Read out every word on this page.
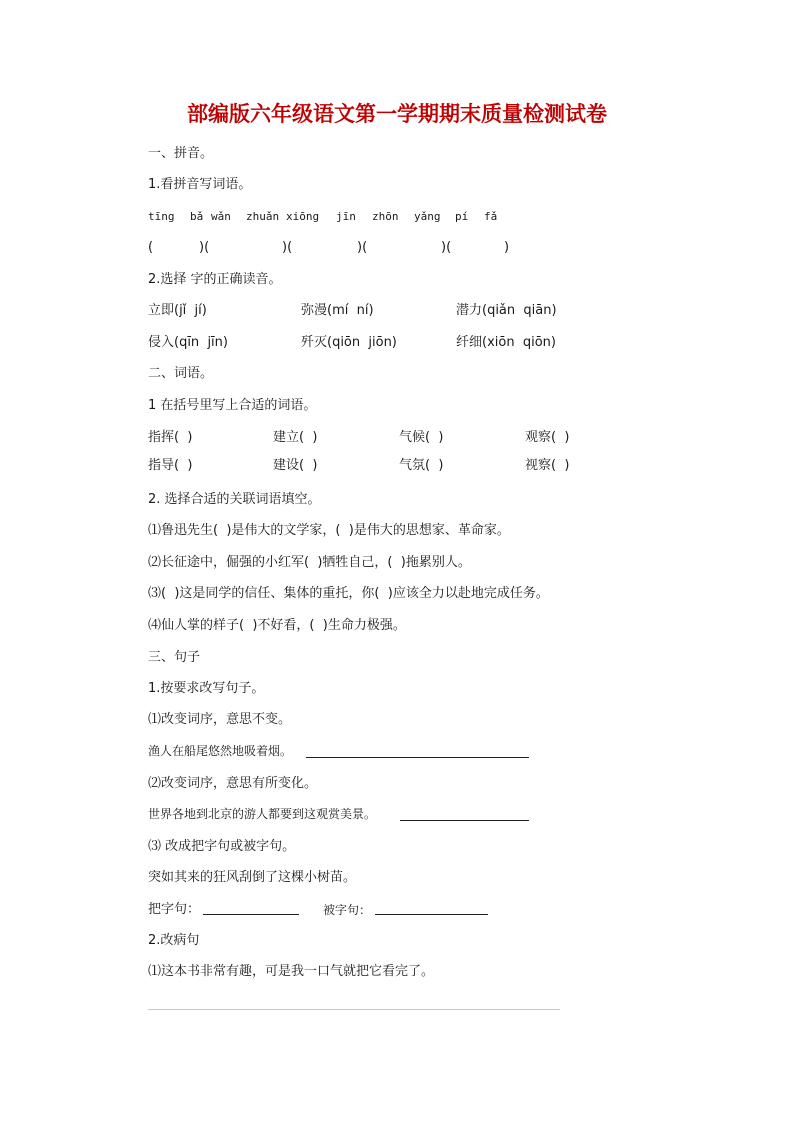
部编版六年级语文第一学期期末质量检测试卷
一、拼音。
1.看拼音写词语。
tīng bǎ wǎn zhuǎn xiōng jīn zhōn yǎng pí fǎ
(	)(	)(	)(	)(	)
2.选择 字的正确读音。
立即(jǐ  jí)	弥漫(mí  ní)	潜力(qiǎn  qiān)
侵入(qīn  jīn)	歼灭(qiōn  jiōn)	纤细(xiōn  qiōn)
二、词语。
1 在括号里写上合适的词语。
指挥(  )	建立(  )	气候(  )	观察(  )
指导(  )	建设(  )	气氛(  )	视察(  )
2. 选择合适的关联词语填空。
⑴鲁迅先生(  )是伟大的文学家，(  )是伟大的思想家、革命家。
⑵长征途中，倔强的小红军(  )牺牲自己，(  )拖累别人。
⑶(  )这是同学的信任、集体的重托，你(  )应该全力以赴地完成任务。
⑷仙人掌的样子(  )不好看，(  )生命力极强。
三、句子
1.按要求改写句子。
⑴改变词序，意思不变。
渔人在船尾悠然地吸着烟。
⑵改变词序，意思有所变化。
世界各地到北京的游人都要到这观赏美景。
⑶ 改成把字句或被字句。
突如其来的狂风刮倒了这棵小树苗。
把字句：	被字句：
2.改病句
⑴这本书非常有趣，可是我一口气就把它看完了。
